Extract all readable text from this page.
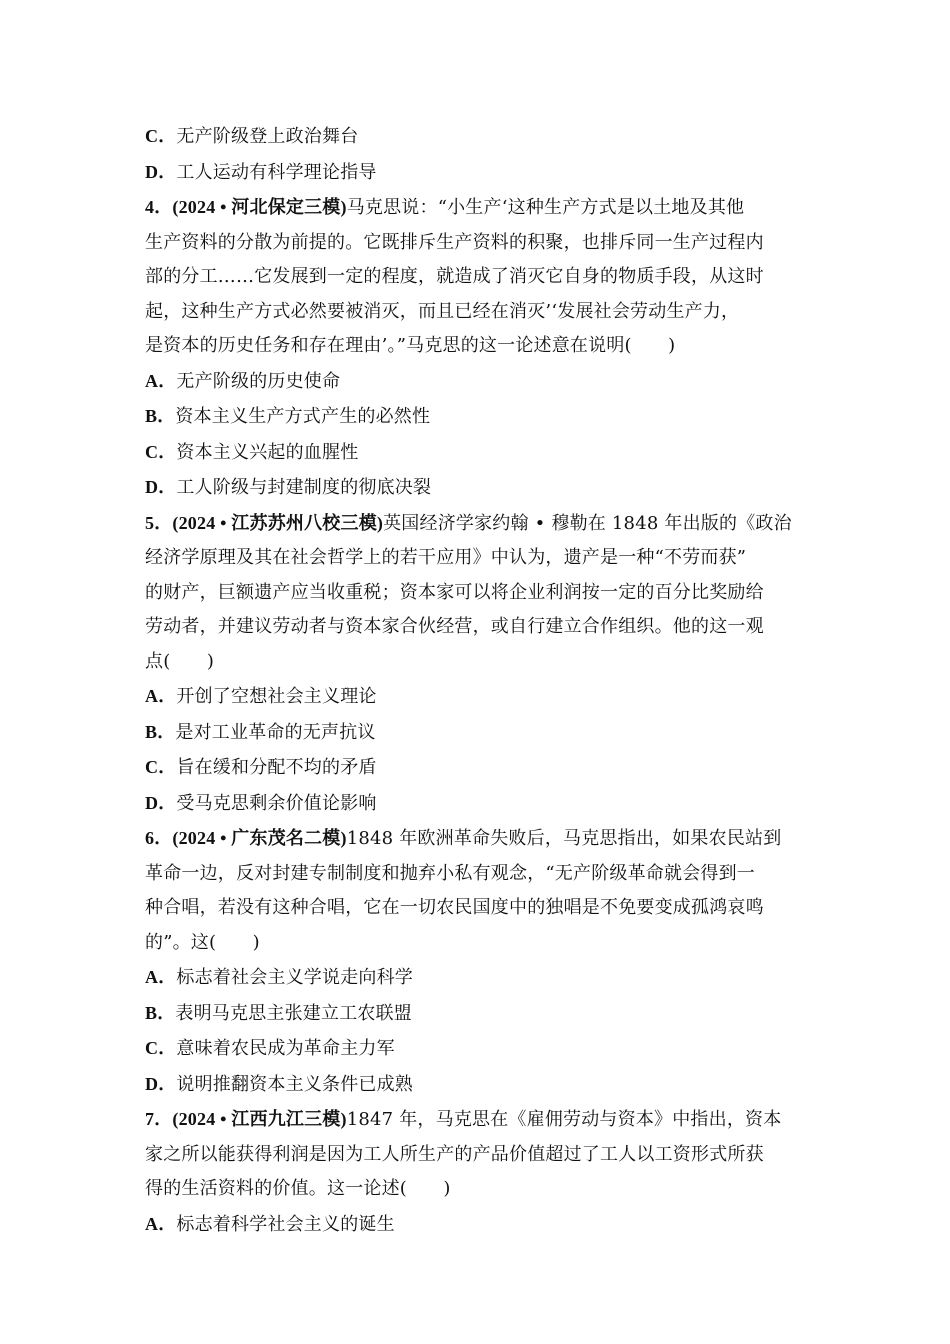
C．无产阶级登上政治舞台
D．工人运动有科学理论指导
4．(2024 • 河北保定三模)马克思说：“小生产‘这种生产方式是以土地及其他
生产资料的分散为前提的。它既排斥生产资料的积聚，也排斥同一生产过程内
部的分工……它发展到一定的程度，就造成了消灭它自身的物质手段，从这时
起，这种生产方式必然要被消灭，而且已经在消灭’‘发展社会劳动生产力，
是资本的历史任务和存在理由’。”马克思的这一论述意在说明(　　)
A．无产阶级的历史使命
B．资本主义生产方式产生的必然性
C．资本主义兴起的血腥性
D．工人阶级与封建制度的彻底决裂
5．(2024 • 江苏苏州八校三模)英国经济学家约翰 • 穆勒在 1848 年出版的《政治
经济学原理及其在社会哲学上的若干应用》中认为，遗产是一种“不劳而获”
的财产，巨额遗产应当收重税；资本家可以将企业利润按一定的百分比奖励给
劳动者，并建议劳动者与资本家合伙经营，或自行建立合作组织。他的这一观
点(　　)
A．开创了空想社会主义理论
B．是对工业革命的无声抗议
C．旨在缓和分配不均的矛盾
D．受马克思剩余价值论影响
6．(2024 • 广东茂名二模)1848 年欧洲革命失败后，马克思指出，如果农民站到
革命一边，反对封建专制制度和抛弃小私有观念，“无产阶级革命就会得到一
种合唱，若没有这种合唱，它在一切农民国度中的独唱是不免要变成孤鸿哀鸣
的”。这(　　)
A．标志着社会主义学说走向科学
B．表明马克思主张建立工农联盟
C．意味着农民成为革命主力军
D．说明推翻资本主义条件已成熟
7．(2024 • 江西九江三模)1847 年，马克思在《雇佣劳动与资本》中指出，资本
家之所以能获得利润是因为工人所生产的产品价值超过了工人以工资形式所获
得的生活资料的价值。这一论述(　　)
A．标志着科学社会主义的诞生
